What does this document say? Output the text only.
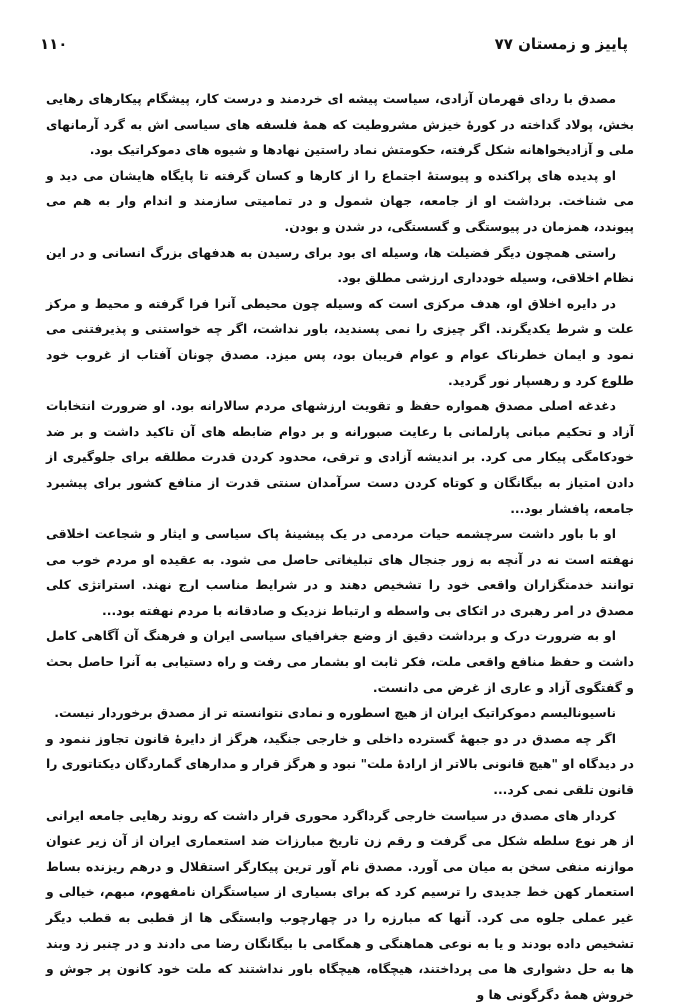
۱۱۰	پاییز و زمستان ۷۷

مصدق با ردای قهرمان آزادی، سیاست پیشه ای خردمند و درست کار، پیشگام پیکارهای رهایی بخش، پولاد گداخته در کورهٔ خیزش مشروطیت که همهٔ فلسفه های سیاسی اش به گرد آرمانهای ملی و آزادیخواهانه شکل گرفته، حکومتش نماد راستین نهادها و شیوه های دموکراتیک بود.

او پدیده های پراکنده و پیوستهٔ اجتماع را از کارها و کسان گرفته تا پایگاه هایشان می دید و می شناخت. برداشت او از جامعه، جهان شمول و در تمامیتی سازمند و اندام وار به هم می پیوندد، همزمان در پیوستگی و گسستگی، در شدن و بودن.

راستی همچون دیگر فضیلت ها، وسیله ای بود برای رسیدن به هدفهای بزرگ انسانی و در این نظام اخلاقی، وسیله خودداری ارزشی مطلق بود.

در دایره اخلاق او، هدف مرکزی است که وسیله چون محیطی آنرا فرا گرفته و محیط و مرکز علت و شرط یکدیگرند. اگر چیزی را نمی پسندید، باور نداشت، اگر چه خواستنی و پذیرفتنی می نمود و ایمان خطرناک عوام و عوام فریبان بود، پس میزد. مصدق چونان آفتاب از غروب خود طلوع کرد و رهسپار نور گردید.

دغدغه اصلی مصدق همواره حفظ و تقویت ارزشهای مردم سالارانه بود. او ضرورت انتخابات آزاد و تحکیم مبانی پارلمانی با رعایت صبورانه و بر دوام ضابطه های آن تاکید داشت و بر ضد خودکامگی پیکار می کرد. بر اندیشه آزادی و ترقی، محدود کردن قدرت مطلقه برای جلوگیری از دادن امتیاز به بیگانگان و کوتاه کردن دست سرآمدان سنتی قدرت از منافع کشور برای پیشبرد جامعه، پافشار بود...

او با باور داشت سرچشمه حیات مردمی در یک پیشینهٔ پاک سیاسی و ایثار و شجاعت اخلاقی نهفته است نه در آنچه به زور جنجال های تبلیغاتی حاصل می شود. به عقیده او مردم خوب می توانند خدمتگزاران واقعی خود را تشخیص دهند و در شرایط مناسب ارج نهند. استراتژی کلی مصدق در امر رهبری در اتکای بی واسطه و ارتباط نزدیک و صادقانه با مردم نهفته بود...

او به ضرورت درک و برداشت دقیق از وضع جغرافیای سیاسی ایران و فرهنگ آن آگاهی کامل داشت و حفظ منافع واقعی ملت، فکر ثابت او بشمار می رفت و راه دستیابی به آنرا حاصل بحث و گفتگوی آزاد و عاری از غرض می دانست.

ناسیونالیسم دموکراتیک ایران از هیچ اسطوره و نمادی نتوانسته تر از مصدق برخوردار نیست.

اگر چه مصدق در دو جبههٔ گسترده داخلی و خارجی جنگید، هرگز از دایرهٔ قانون تجاوز ننمود و در دیدگاه او "هیچ قانونی بالاتر از ارادهٔ ملت" نبود و هرگز قرار و مدارهای گماردگان دیکتاتوری را قانون تلقی نمی کرد...

کردار های مصدق در سیاست خارجی گرداگرد محوری قرار داشت که روند رهایی جامعه ایرانی از هر نوع سلطه شکل می گرفت و رقم زن تاریخ مبارزات ضد استعماری ایران از آن زیر عنوان موازنه منفی سخن به میان می آورد. مصدق نام آور ترین پیکارگر استقلال و درهم ریزنده بساط استعمار کهن خط جدیدی را ترسیم کرد که برای بسیاری از سیاستگران نامفهوم، مبهم، خیالی و غیر عملی جلوه می کرد. آنها که مبارزه را در چهارچوب وابستگی ها از قطبی به قطب دیگر تشخیص داده بودند و یا به نوعی هماهنگی و همگامی با بیگانگان رضا می دادند و در چنبر زد وبند ها به حل دشواری ها می پرداختند، هیچگاه، هیچگاه باور نداشتند که ملت خود کانون پر جوش و خروش همهٔ دگرگونی ها و
